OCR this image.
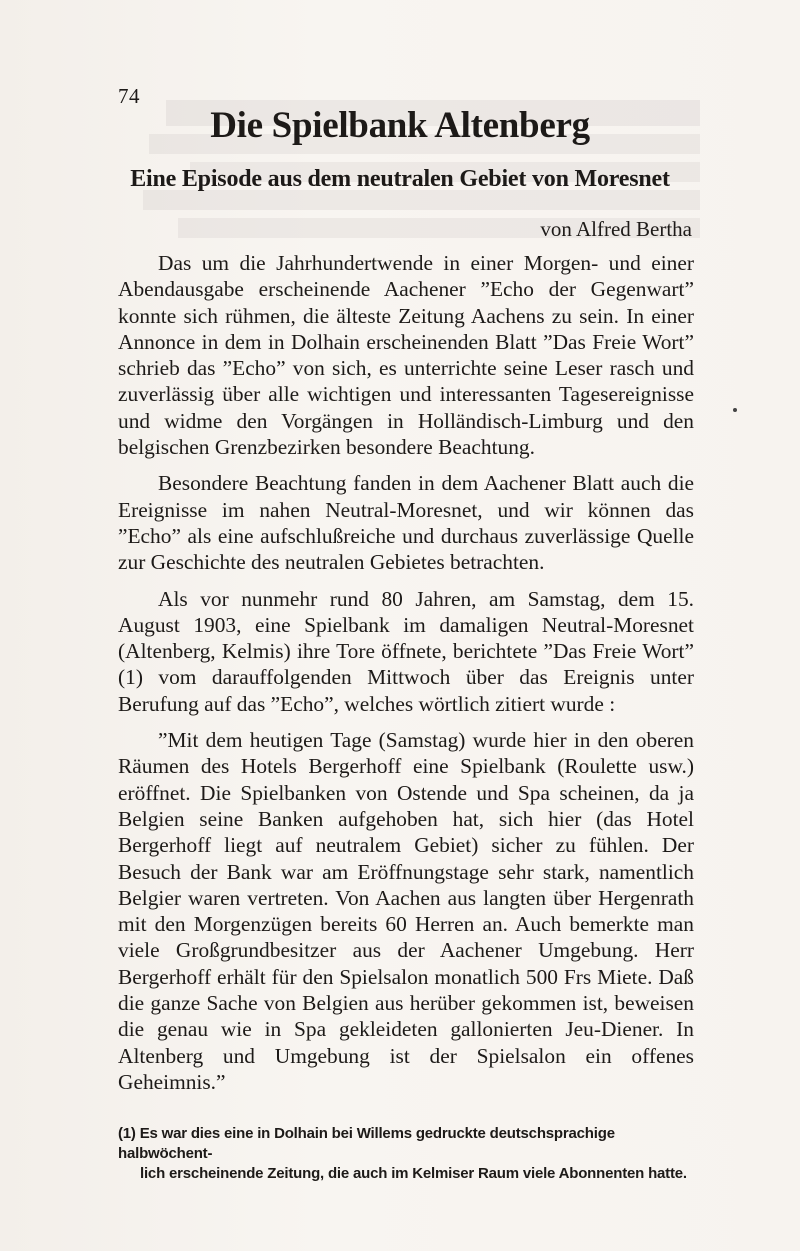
74
Die Spielbank Altenberg
Eine Episode aus dem neutralen Gebiet von Moresnet
von Alfred Bertha

Das um die Jahrhundertwende in einer Morgen- und einer Abendausgabe erscheinende Aachener ”Echo der Gegenwart” konnte sich rühmen, die älteste Zeitung Aachens zu sein. In einer Annonce in dem in Dolhain erscheinenden Blatt ”Das Freie Wort” schrieb das ”Echo” von sich, es unterrichte seine Leser rasch und zuverlässig über alle wichtigen und interessanten Tagesereignisse und widme den Vorgängen in Holländisch-Limburg und den belgischen Grenzbezirken besondere Beachtung.

Besondere Beachtung fanden in dem Aachener Blatt auch die Ereignisse im nahen Neutral-Moresnet, und wir können das ”Echo” als eine aufschlußreiche und durchaus zuverlässige Quelle zur Geschichte des neutralen Gebietes betrachten.

Als vor nunmehr rund 80 Jahren, am Samstag, dem 15. August 1903, eine Spielbank im damaligen Neutral-Moresnet (Altenberg, Kelmis) ihre Tore öffnete, berichtete ”Das Freie Wort” (1) vom darauffolgenden Mittwoch über das Ereignis unter Berufung auf das ”Echo”, welches wörtlich zitiert wurde :

”Mit dem heutigen Tage (Samstag) wurde hier in den oberen Räumen des Hotels Bergerhoff eine Spielbank (Roulette usw.) eröffnet. Die Spielbanken von Ostende und Spa scheinen, da ja Belgien seine Banken aufgehoben hat, sich hier (das Hotel Bergerhoff liegt auf neutralem Gebiet) sicher zu fühlen. Der Besuch der Bank war am Eröffnungstage sehr stark, namentlich Belgier waren vertreten. Von Aachen aus langten über Hergenrath mit den Morgenzügen bereits 60 Herren an. Auch bemerkte man viele Großgrundbesitzer aus der Aachener Umgebung. Herr Bergerhoff erhält für den Spielsalon monatlich 500 Frs Miete. Daß die ganze Sache von Belgien aus herüber gekommen ist, beweisen die genau wie in Spa gekleideten gallonierten Jeu-Diener. In Altenberg und Umgebung ist der Spielsalon ein offenes Geheimnis.”

(1) Es war dies eine in Dolhain bei Willems gedruckte deutschsprachige halbwöchent-
lich erscheinende Zeitung, die auch im Kelmiser Raum viele Abonnenten hatte.
